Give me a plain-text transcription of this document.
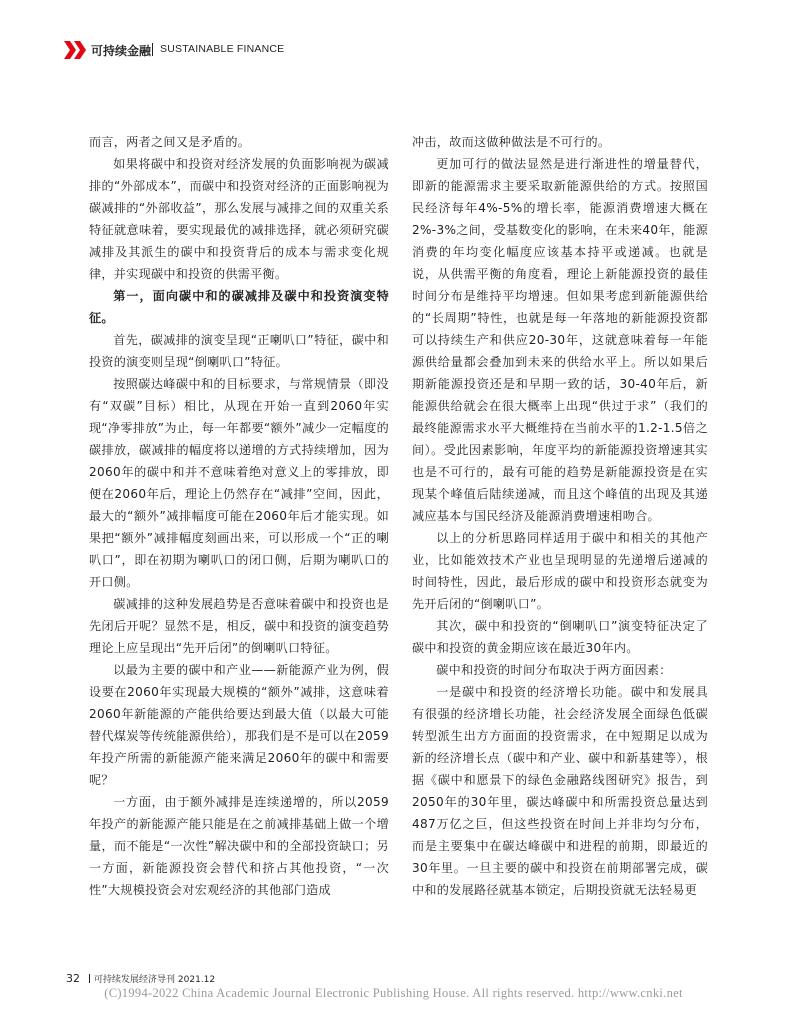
可持续金融 SUSTAINABLE FINANCE

而言，两者之间又是矛盾的。

如果将碳中和投资对经济发展的负面影响视为碳减排的“外部成本”，而碳中和投资对经济的正面影响视为碳减排的“外部收益”，那么发展与减排之间的双重关系特征就意味着，要实现最优的减排选择，就必须研究碳减排及其派生的碳中和投资背后的成本与需求变化规律，并实现碳中和投资的供需平衡。

第一，面向碳中和的碳减排及碳中和投资演变特征。

首先，碳减排的演变呈现“正喇叭口”特征，碳中和投资的演变则呈现“倒喇叭口”特征。

按照碳达峰碳中和的目标要求，与常规情景（即没有“双碳”目标）相比，从现在开始一直到2060年实现“净零排放”为止，每一年都要“额外”减少一定幅度的碳排放，碳减排的幅度将以递增的方式持续增加，因为2060年的碳中和并不意味着绝对意义上的零排放，即便在2060年后，理论上仍然存在“减排”空间，因此，最大的“额外”减排幅度可能在2060年后才能实现。如果把“额外”减排幅度刻画出来，可以形成一个“正的喇叭口”，即在初期为喇叭口的闭口侧，后期为喇叭口的开口侧。

碳减排的这种发展趋势是否意味着碳中和投资也是先闭后开呢？显然不是，相反，碳中和投资的演变趋势理论上应呈现出“先开后闭”的倒喇叭口特征。

以最为主要的碳中和产业——新能源产业为例，假设要在2060年实现最大规模的“额外”减排，这意味着2060年新能源的产能供给要达到最大值（以最大可能替代煤炭等传统能源供给），那我们是不是可以在2059年投产所需的新能源产能来满足2060年的碳中和需要呢？

一方面，由于额外减排是连续递增的，所以2059年投产的新能源产能只能是在之前减排基础上做一个增量，而不能是“一次性”解决碳中和的全部投资缺口；另一方面，新能源投资会替代和挤占其他投资，“一次性”大规模投资会对宏观经济的其他部门造成

冲击，故而这做种做法是不可行的。

更加可行的做法显然是进行渐进性的增量替代，即新的能源需求主要采取新能源供给的方式。按照国民经济每年4%-5%的增长率，能源消费增速大概在2%-3%之间，受基数变化的影响，在未来40年，能源消费的年均变化幅度应该基本持平或递减。也就是说，从供需平衡的角度看，理论上新能源投资的最佳时间分布是维持平均增速。但如果考虑到新能源供给的“长周期”特性，也就是每一年落地的新能源投资都可以持续生产和供应20-30年，这就意味着每一年能源供给量都会叠加到未来的供给水平上。所以如果后期新能源投资还是和早期一致的话，30-40年后，新能源供给就会在很大概率上出现“供过于求”（我们的最终能源需求水平大概维持在当前水平的1.2-1.5倍之间）。受此因素影响，年度平均的新能源投资增速其实也是不可行的，最有可能的趋势是新能源投资是在实现某个峰值后陆续递减，而且这个峰值的出现及其递减应基本与国民经济及能源消费增速相吻合。

以上的分析思路同样适用于碳中和相关的其他产业，比如能效技术产业也呈现明显的先递增后递减的时间特性，因此，最后形成的碳中和投资形态就变为先开后闭的“倒喇叭口”。

其次，碳中和投资的“倒喇叭口”演变特征决定了碳中和投资的黄金期应该在最近30年内。

碳中和投资的时间分布取决于两方面因素：

一是碳中和投资的经济增长功能。碳中和发展具有很强的经济增长功能，社会经济发展全面绿色低碳转型派生出方方面面的投资需求，在中短期足以成为新的经济增长点（碳中和产业、碳中和新基建等），根据《碳中和愿景下的绿色金融路线图研究》报告，到2050年的30年里，碳达峰碳中和所需投资总量达到487万亿之巨，但这些投资在时间上并非均匀分布，而是主要集中在碳达峰碳中和进程的前期，即最近的30年里。一旦主要的碳中和投资在前期部署完成，碳中和的发展路径就基本锁定，后期投资就无法轻易更

32 可持续发展经济导刊 2021.12
(C)1994-2022 China Academic Journal Electronic Publishing House. All rights reserved. http://www.cnki.net
